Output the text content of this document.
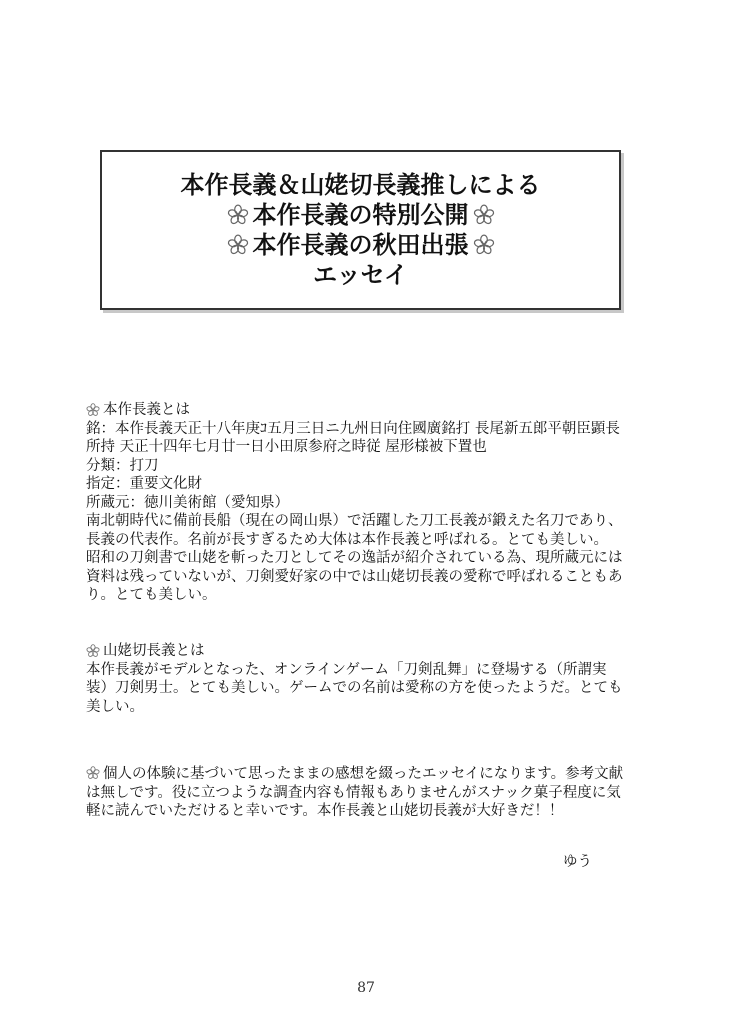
本作長義＆山姥切長義推しによる
本作長義の特別公開
本作長義の秋田出張
エッセイ
本作長義とは
銘：本作長義天正十八年庚ｺ五月三日ニ九州日向住國廣銘打 長尾新五郎平朝臣顕長所持 天正十四年七月廿一日小田原参府之時従 屋形様被下置也
分類：打刀
指定：重要文化財
所蔵元：徳川美術館（愛知県）
南北朝時代に備前長船（現在の岡山県）で活躍した刀工長義が鍛えた名刀であり、長義の代表作。名前が長すぎるため大体は本作長義と呼ばれる。とても美しい。
昭和の刀剣書で山姥を斬った刀としてその逸話が紹介されている為、現所蔵元には資料は残っていないが、刀剣愛好家の中では山姥切長義の愛称で呼ばれることもあり。とても美しい。
山姥切長義とは
本作長義がモデルとなった、オンラインゲーム「刀剣乱舞」に登場する（所謂実装）刀剣男士。とても美しい。ゲームでの名前は愛称の方を使ったようだ。とても美しい。
個人の体験に基づいて思ったままの感想を綴ったエッセイになります。参考文献は無しです。役に立つような調査内容も情報もありませんがスナック菓子程度に気軽に読んでいただけると幸いです。本作長義と山姥切長義が大好きだ！！
ゆう
87
